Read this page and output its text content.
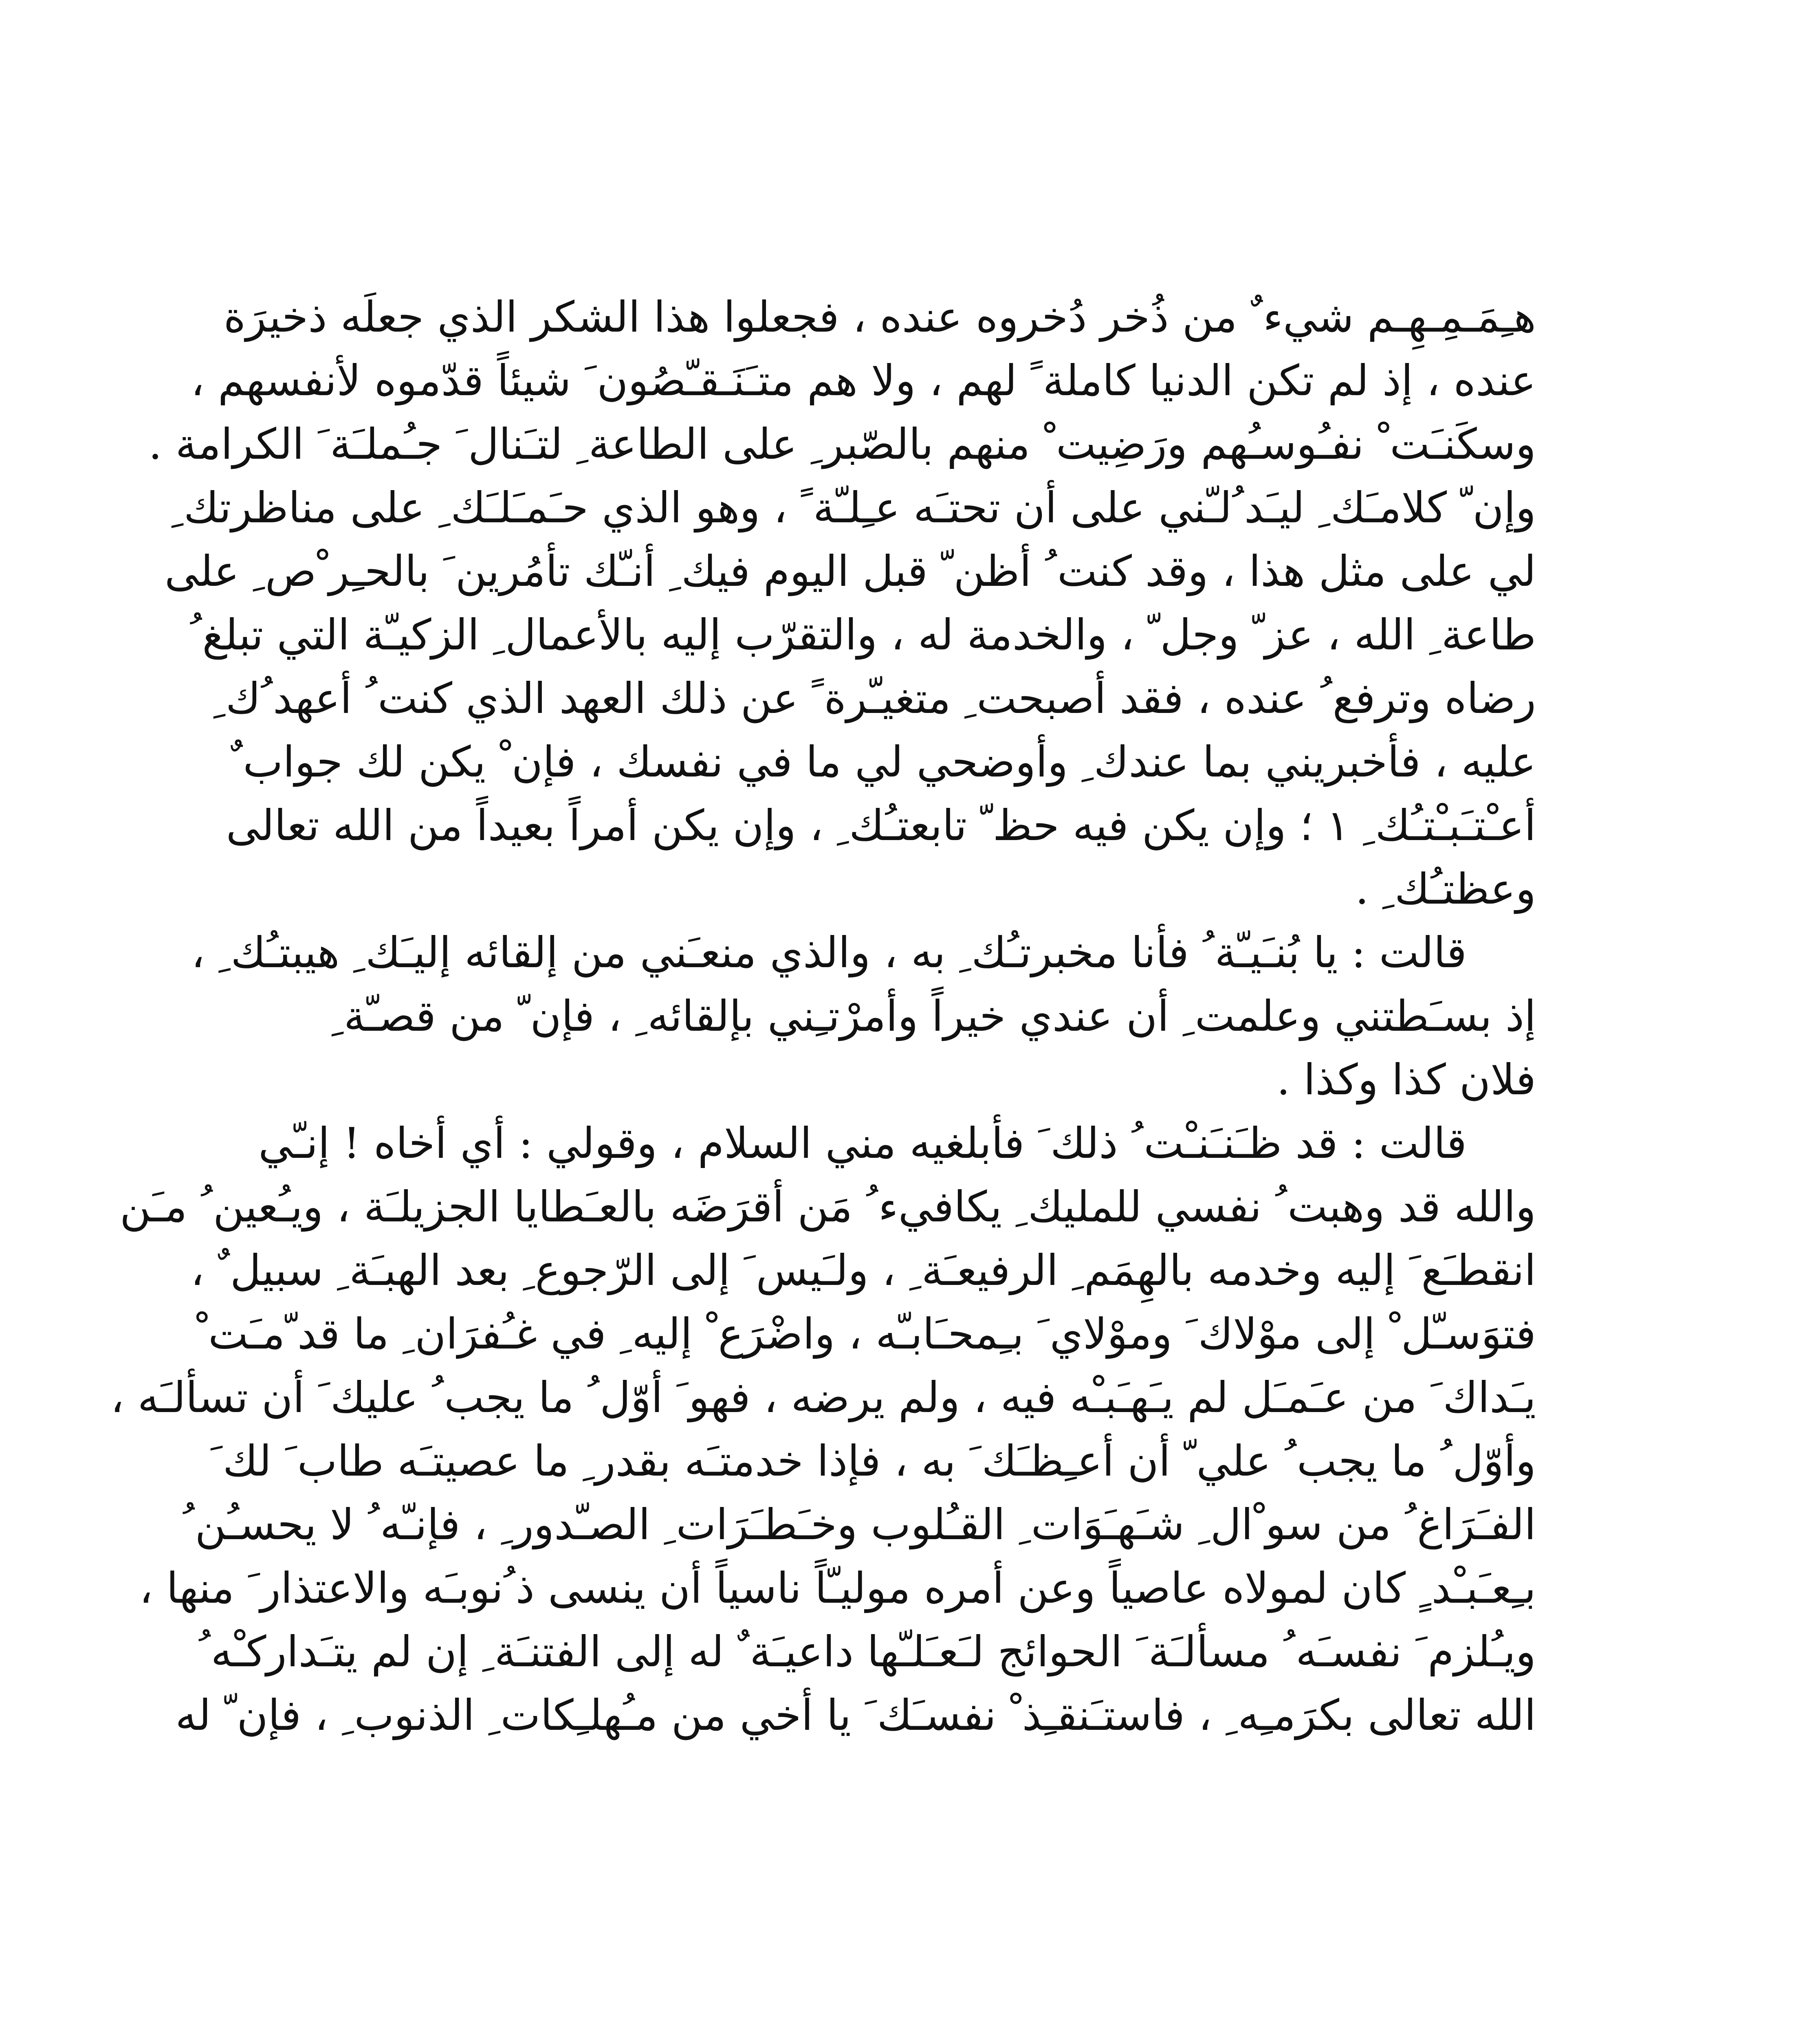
هـِمَـمِـهِـم شيء ٌ من ذُخر دُخروه عنده ، فجعلوا هذا الشكر الذي جعلَه ذخيرَة
عنده ، إذ لم تكن الدنيا كاملة ً لهم ، ولا هم متـَنَـقـّصُون َ شيئاً قدّموه لأنفسهم ،
وسكَنـَت ْ نفـُوسـُهم ورَضِيت ْ منهم بالصّبر ِ على الطاعة ِ لتـَنال َ جـُملـَة َ الكرامة .
وإن ّ كلامـَك ِ ليـَد ُلـّني على أن تحتـَه عـِلـّة ً ، وهو الذي حـَمـَلـَك ِ على مناظرتك ِ
لي على مثل هذا ، وقد كنت ُ أظن ّ قبل اليوم فيك ِ أنـّك تأمُرين َ بالحـِر ْص ِ على
طاعة ِ الله ، عز ّ وجل ّ ، والخدمة له ، والتقرّب إليه بالأعمال ِ الزكيـّة التي تبلغ ُ
رضاه وترفع ُ عنده ، فقد أصبحت ِ متغيـّرة ً عن ذلك العهد الذي كنت ُ أعهد ُك ِ
عليه ، فأخبريني بما عندك ِ وأوضحي لي ما في نفسك ، فإن ْ يكن لك جواب ٌ
أعـْتـَبـْتـُك ِ ١ ؛ وإن يكن فيه حظ ّ تابعتـُك ِ ، وإن يكن أمراً بعيداً من الله تعالى
وعظتـُك ِ .
قالت : يا بُنـَيـّة ُ فأنا مخبرتـُك ِ به ، والذي منعـَني من إلقائه إليـَك ِ هيبتـُك ِ ،
إذ بسـَطتني وعلمت ِ أن عندي خيراً وأمرْتـِني بإلقائه ِ ، فإن ّ من قصـّة ِ
فلان كذا وكذا .
قالت : قد ظـَنـَنـْت ُ ذلك َ فأبلغيه مني السلام ، وقولي : أي أخاه ! إنـّي
والله قد وهبت ُ نفسي للمليك ِ يكافيء ُ مَن أقرَضَه بالعـَطايا الجزيلـَة ، ويـُعين ُ مـَن
انقطـَع َ إليه وخدمه بالهِمَم ِ الرفيعـَة ِ ، ولـَيس َ إلى الرّجوع ِ بعد الهبـَة ِ سبيل ٌ ،
فتوَسـّل ْ إلى موْلاك َ وموْلاي َ بـِمحـَابـّه ، واضْرَع ْ إليه ِ في غـُفرَان ِ ما قد ّمـَت ْ
يـَداك َ من عـَمـَل لم يـَهـَبـْه فيه ، ولم يرضه ، فهو َ أوّل ُ ما يجب ُ عليك َ أن تسألـَه ،
وأوّل ُ ما يجب ُ علي ّ أن أعـِظـَك َ به ، فإذا خدمتـَه بقدر ِ ما عصيتـَه طاب َ لك َ
الفـَرَاغ ُ من سو ْال ِ شـَهـَوَات ِ القـُلوب وخـَطـَرَات ِ الصـّدور ِ ، فإنـّه ُ لا يحسـُن ُ
بـِعـَبـْد ٍ كان لمولاه عاصياً وعن أمره موليـّاً ناسياً أن ينسى ذ ُنوبـَه والاعتذار َ منها ،
ويـُلزم َ نفسـَه ُ مسألـَة َ الحوائج لـَعـَلـّها داعيـَة ٌ له إلى الفتنـَة ِ إن لم يتـَداركـْه ُ
الله تعالى بكرَمـِه ِ ، فاستـَنقـِذ ْ نفسـَك َ يا أخي من مـُهلـِكات ِ الذنوب ِ ، فإن ّ له
